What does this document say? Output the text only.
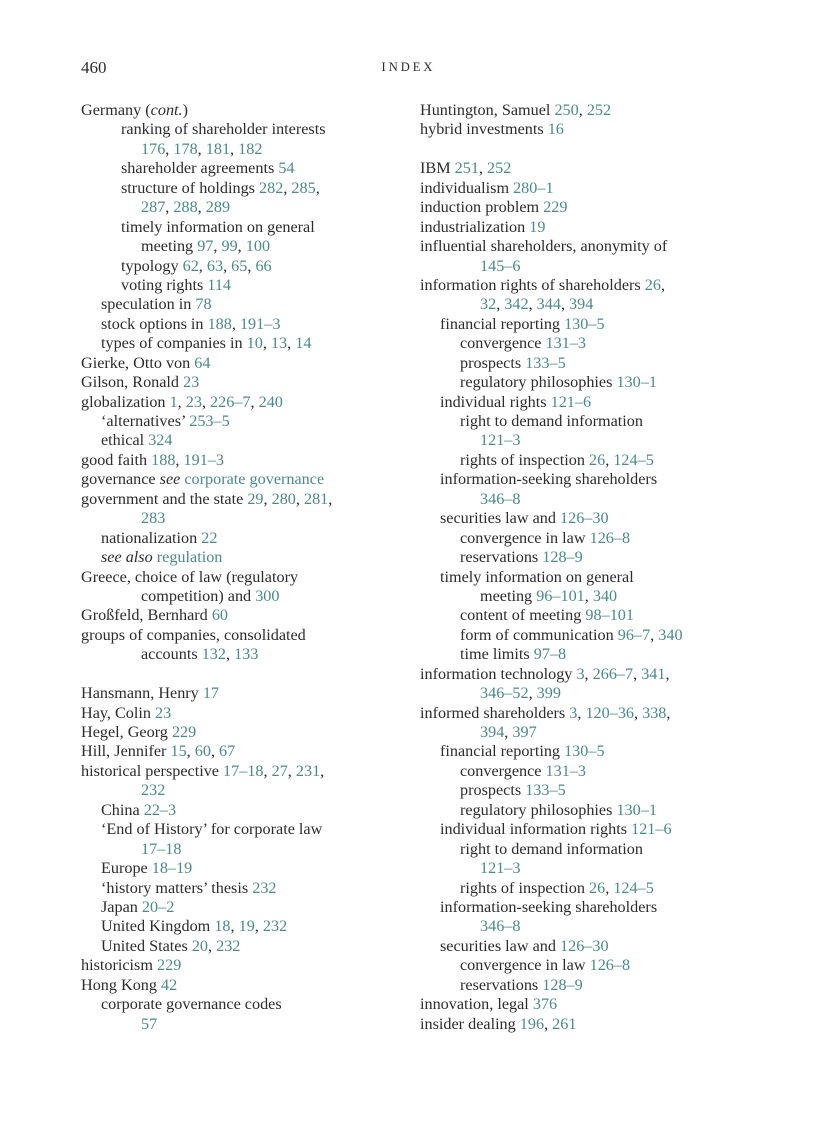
460	INDEX
Germany (cont.)
ranking of shareholder interests
176, 178, 181, 182
shareholder agreements 54
structure of holdings 282, 285,
287, 288, 289
timely information on general
meeting 97, 99, 100
typology 62, 63, 65, 66
voting rights 114
speculation in 78
stock options in 188, 191–3
types of companies in 10, 13, 14
Gierke, Otto von 64
Gilson, Ronald 23
globalization 1, 23, 226–7, 240
‘alternatives’ 253–5
ethical 324
good faith 188, 191–3
governance see corporate governance
government and the state 29, 280, 281,
283
nationalization 22
see also regulation
Greece, choice of law (regulatory
competition) and 300
Großfeld, Bernhard 60
groups of companies, consolidated
accounts 132, 133
Hansmann, Henry 17
Hay, Colin 23
Hegel, Georg 229
Hill, Jennifer 15, 60, 67
historical perspective 17–18, 27, 231,
232
China 22–3
‘End of History’ for corporate law
17–18
Europe 18–19
‘history matters’ thesis 232
Japan 20–2
United Kingdom 18, 19, 232
United States 20, 232
historicism 229
Hong Kong 42
corporate governance codes
57
Huntington, Samuel 250, 252
hybrid investments 16
IBM 251, 252
individualism 280–1
induction problem 229
industrialization 19
influential shareholders, anonymity of
145–6
information rights of shareholders 26,
32, 342, 344, 394
financial reporting 130–5
convergence 131–3
prospects 133–5
regulatory philosophies 130–1
individual rights 121–6
right to demand information
121–3
rights of inspection 26, 124–5
information-seeking shareholders
346–8
securities law and 126–30
convergence in law 126–8
reservations 128–9
timely information on general
meeting 96–101, 340
content of meeting 98–101
form of communication 96–7, 340
time limits 97–8
information technology 3, 266–7, 341,
346–52, 399
informed shareholders 3, 120–36, 338,
394, 397
financial reporting 130–5
convergence 131–3
prospects 133–5
regulatory philosophies 130–1
individual information rights 121–6
right to demand information
121–3
rights of inspection 26, 124–5
information-seeking shareholders
346–8
securities law and 126–30
convergence in law 126–8
reservations 128–9
innovation, legal 376
insider dealing 196, 261
